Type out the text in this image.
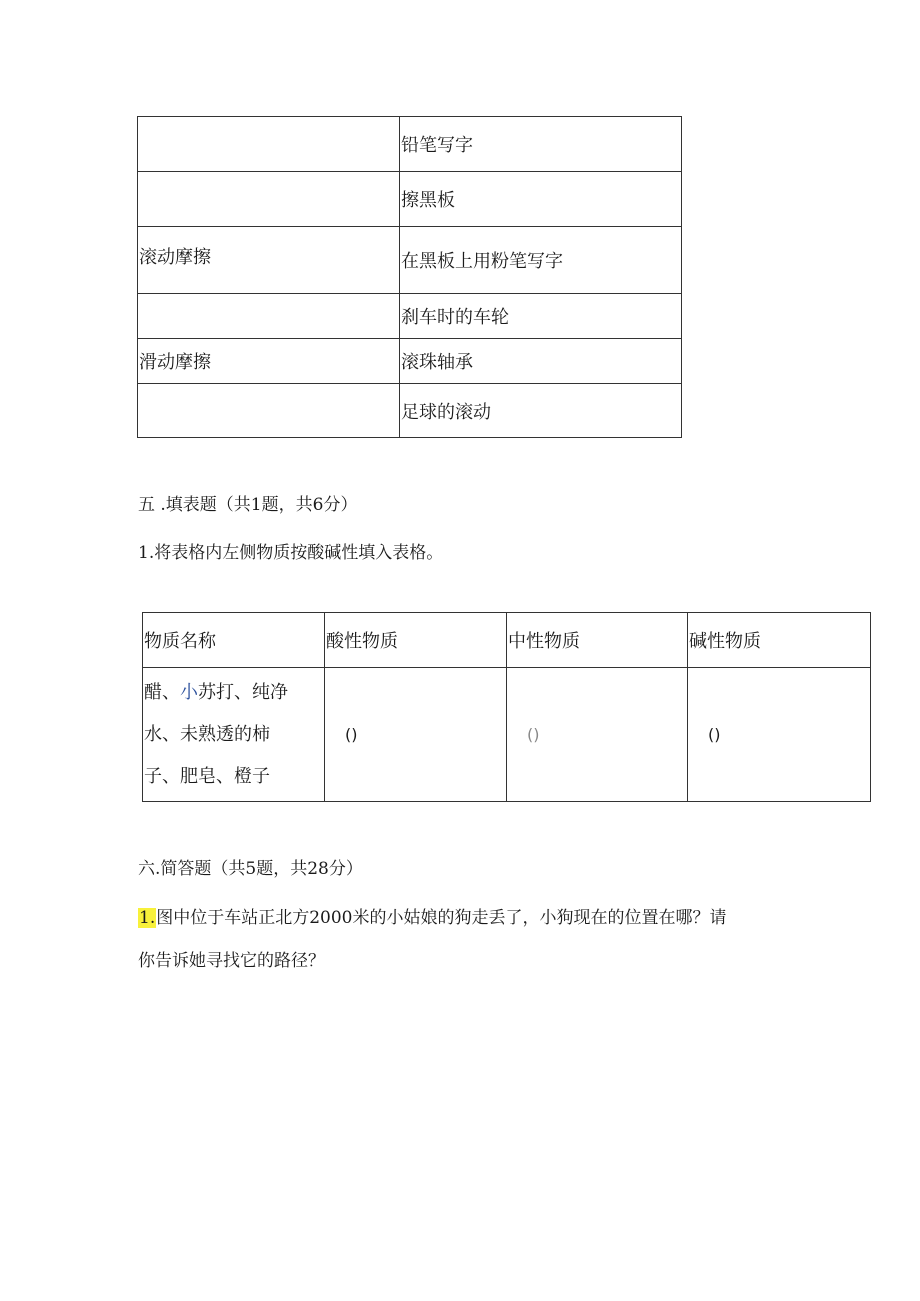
	铅笔写字
	擦黑板
滚动摩擦	在黑板上用粉笔写字
	刹车时的车轮
滑动摩擦	滚珠轴承
	足球的滚动
五 .填表题（共1题，共6分）
1.将表格内左侧物质按酸碱性填入表格。
物质名称	酸性物质	中性物质	碱性物质

醋、小苏打、纯净
水、未熟透的柿
子、肥皂、橙子	()	()	()
六.简答题（共5题，共28分）
1.图中位于车站正北方2000米的小姑娘的狗走丢了，小狗现在的位置在哪？请
你告诉她寻找它的路径？
